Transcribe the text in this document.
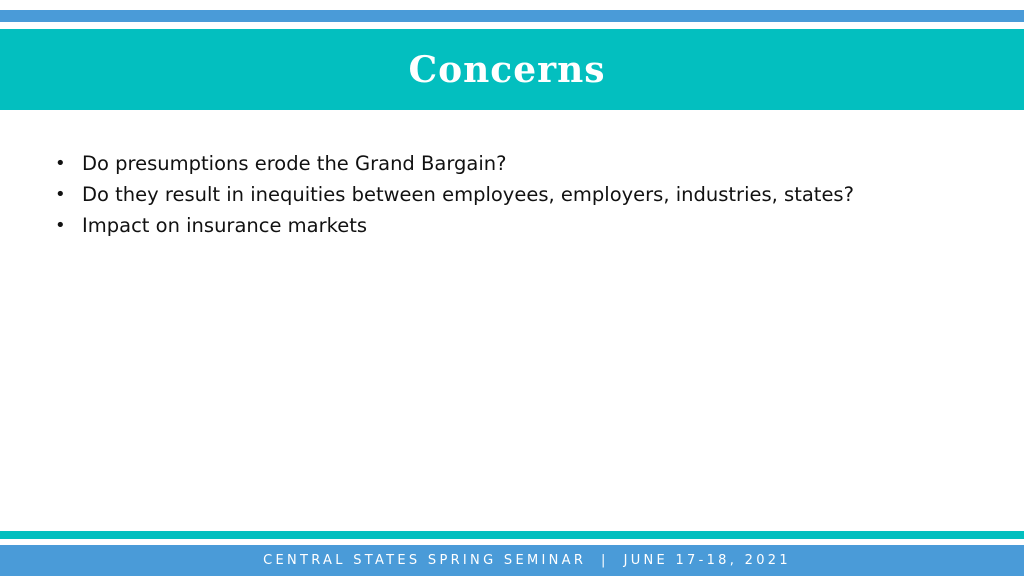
Concerns
• Do presumptions erode the Grand Bargain?
• Do they result in inequities between employees, employers, industries, states?
• Impact on insurance markets
CENTRAL STATES SPRING SEMINAR  |  JUNE 17-18, 2021
